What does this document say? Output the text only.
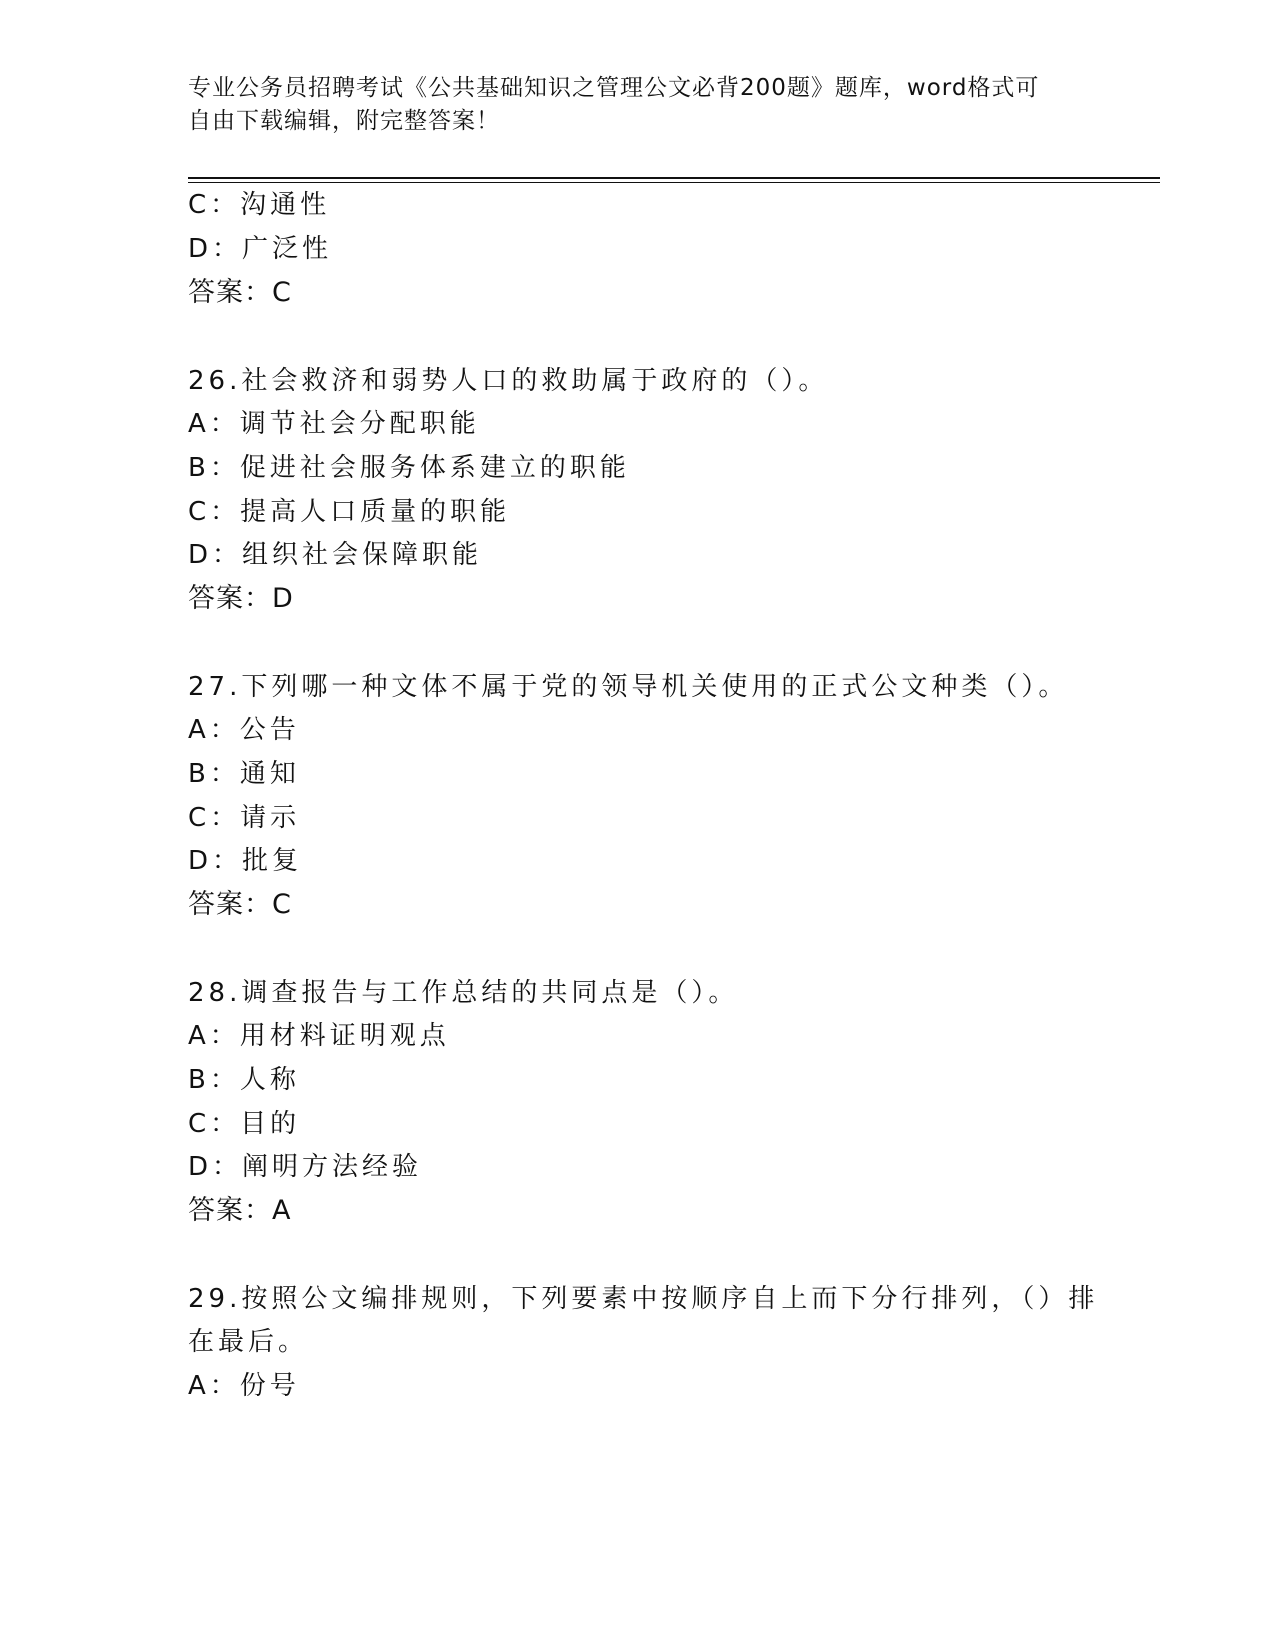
专业公务员招聘考试《公共基础知识之管理公文必背200题》题库，word格式可
自由下载编辑，附完整答案！
C：沟通性
D：广泛性
答案：C
26.社会救济和弱势人口的救助属于政府的（）。
A：调节社会分配职能
B：促进社会服务体系建立的职能
C：提高人口质量的职能
D：组织社会保障职能
答案：D
27.下列哪一种文体不属于党的领导机关使用的正式公文种类（）。
A：公告
B：通知
C：请示
D：批复
答案：C
28.调查报告与工作总结的共同点是（）。
A：用材料证明观点
B：人称
C：目的
D：阐明方法经验
答案：A
29.按照公文编排规则，下列要素中按顺序自上而下分行排列，（）排
在最后。
A：份号
